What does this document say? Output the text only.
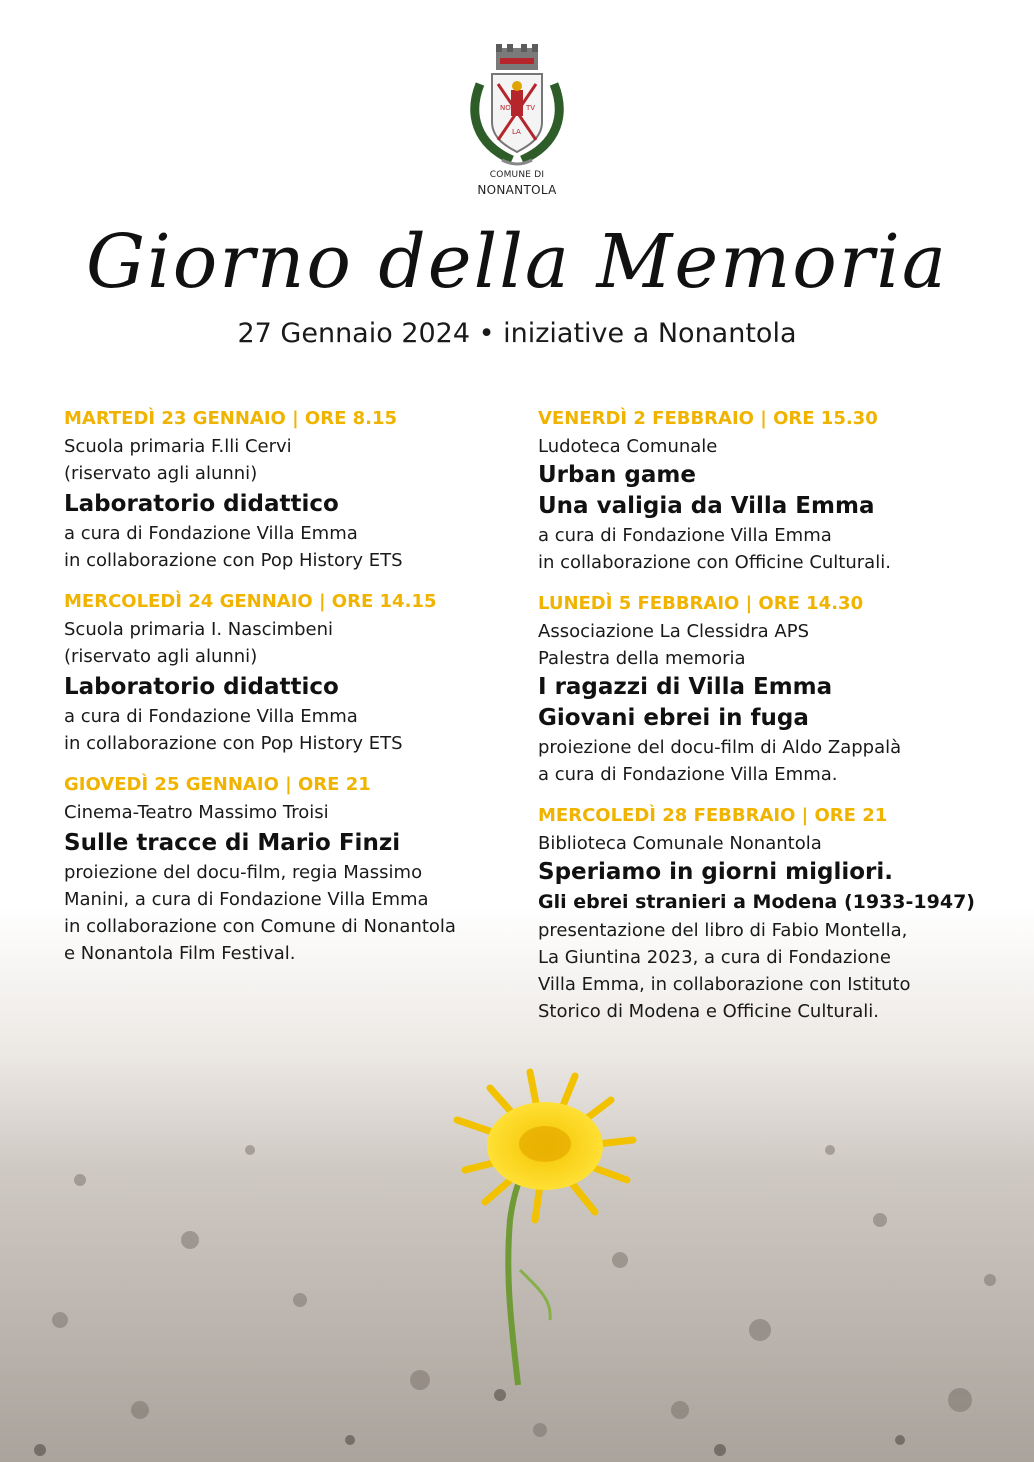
NO TV
LA
COMUNE DI
NONANTOLA
Giorno della Memoria
27 Gennaio 2024 • iniziative a Nonantola
MARTEDÌ 23 GENNAIO | ORE 8.15
Scuola primaria F.lli Cervi
(riservato agli alunni)
Laboratorio didattico
a cura di Fondazione Villa Emma
in collaborazione con Pop History ETS
MERCOLEDÌ 24 GENNAIO | ORE 14.15
Scuola primaria I. Nascimbeni
(riservato agli alunni)
Laboratorio didattico
a cura di Fondazione Villa Emma
in collaborazione con Pop History ETS
GIOVEDÌ 25 GENNAIO | ORE 21
Cinema-Teatro Massimo Troisi
Sulle tracce di Mario Finzi
proiezione del docu-film, regia Massimo
Manini, a cura di Fondazione Villa Emma
in collaborazione con Comune di Nonantola
e Nonantola Film Festival.
VENERDÌ 2 FEBBRAIO | ORE 15.30
Ludoteca Comunale
Urban game
Una valigia da Villa Emma
a cura di Fondazione Villa Emma
in collaborazione con Officine Culturali.
LUNEDÌ 5 FEBBRAIO | ORE 14.30
Associazione La Clessidra APS
Palestra della memoria
I ragazzi di Villa Emma
Giovani ebrei in fuga
proiezione del docu-film di Aldo Zappalà
a cura di Fondazione Villa Emma.
MERCOLEDÌ 28 FEBBRAIO | ORE 21
Biblioteca Comunale Nonantola
Speriamo in giorni migliori.
Gli ebrei stranieri a Modena (1933-1947)
presentazione del libro di Fabio Montella,
La Giuntina 2023, a cura di Fondazione
Villa Emma, in collaborazione con Istituto
Storico di Modena e Officine Culturali.
